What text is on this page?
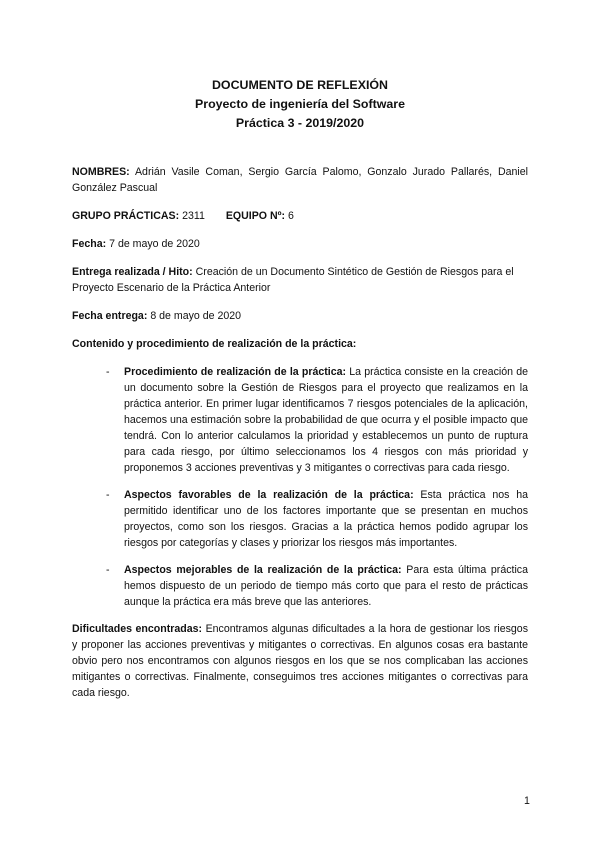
DOCUMENTO DE REFLEXIÓN
Proyecto de ingeniería del Software
Práctica 3 - 2019/2020

NOMBRES: Adrián Vasile Coman, Sergio García Palomo, Gonzalo Jurado Pallarés, Daniel González Pascual

GRUPO PRÁCTICAS: 2311 EQUIPO Nº: 6

Fecha: 7 de mayo de 2020

Entrega realizada / Hito: Creación de un Documento Sintético de Gestión de Riesgos para el Proyecto Escenario de la Práctica Anterior

Fecha entrega: 8 de mayo de 2020

Contenido y procedimiento de realización de la práctica:

- Procedimiento de realización de la práctica: La práctica consiste en la creación de un documento sobre la Gestión de Riesgos para el proyecto que realizamos en la práctica anterior. En primer lugar identificamos 7 riesgos potenciales de la aplicación, hacemos una estimación sobre la probabilidad de que ocurra y el posible impacto que tendrá. Con lo anterior calculamos la prioridad y establecemos un punto de ruptura para cada riesgo, por último seleccionamos los 4 riesgos con más prioridad y proponemos 3 acciones preventivas y 3 mitigantes o correctivas para cada riesgo.
- Aspectos favorables de la realización de la práctica: Esta práctica nos ha permitido identificar uno de los factores importante que se presentan en muchos proyectos, como son los riesgos. Gracias a la práctica hemos podido agrupar los riesgos por categorías y clases y priorizar los riesgos más importantes.
- Aspectos mejorables de la realización de la práctica: Para esta última práctica hemos dispuesto de un periodo de tiempo más corto que para el resto de prácticas aunque la práctica era más breve que las anteriores.

Dificultades encontradas: Encontramos algunas dificultades a la hora de gestionar los riesgos y proponer las acciones preventivas y mitigantes o correctivas. En algunos cosas era bastante obvio pero nos encontramos con algunos riesgos en los que se nos complicaban las acciones mitigantes o correctivas. Finalmente, conseguimos tres acciones mitigantes o correctivas para cada riesgo.

1
